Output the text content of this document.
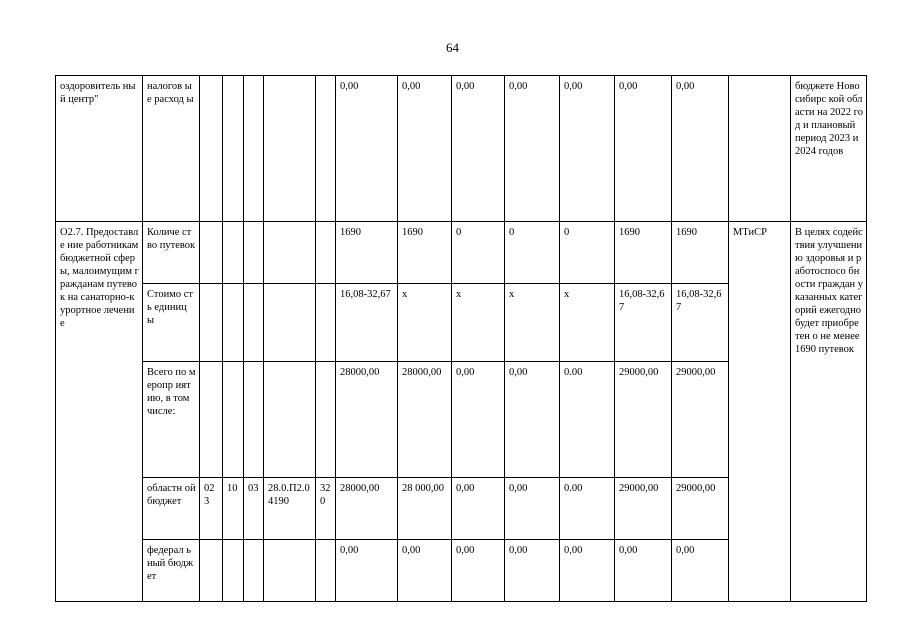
64
оздоровитель ный центр"	налогов ые расход ы						0,00	0,00	0,00	0,00	0,00	0,00	0,00		бюджете Новосибирс кой области на 2022 год и плановый период 2023 и 2024 годов
О2.7. Предоставле ние работникам бюджетной сферы, малоимущим гражданам путевок на санаторно-курортное лечение	Количе ство путевок						1690	1690	0	0	0	1690	1690	МТиСР	В целях содействия улучшению здоровья и работоспосо бности граждан указанных категорий ежегодно будет приобретен о не менее 1690 путевок
	Стоимо сть единиц ы						16,08-32,67	x	x	x	x	16,08-32,67	16,08-32,67		
	Всего по меропр иятию, в том числе:						28000,00	28000,00	0,00	0,00	0.00	29000,00	29000,00		
	областн ой бюджет	023	10	03	28.0.П2.04190	320	28000,00	28 000,00	0,00	0,00	0.00	29000,00	29000,00		
	федерал ьный бюджет						0,00	0,00	0,00	0,00	0,00	0,00	0,00		
